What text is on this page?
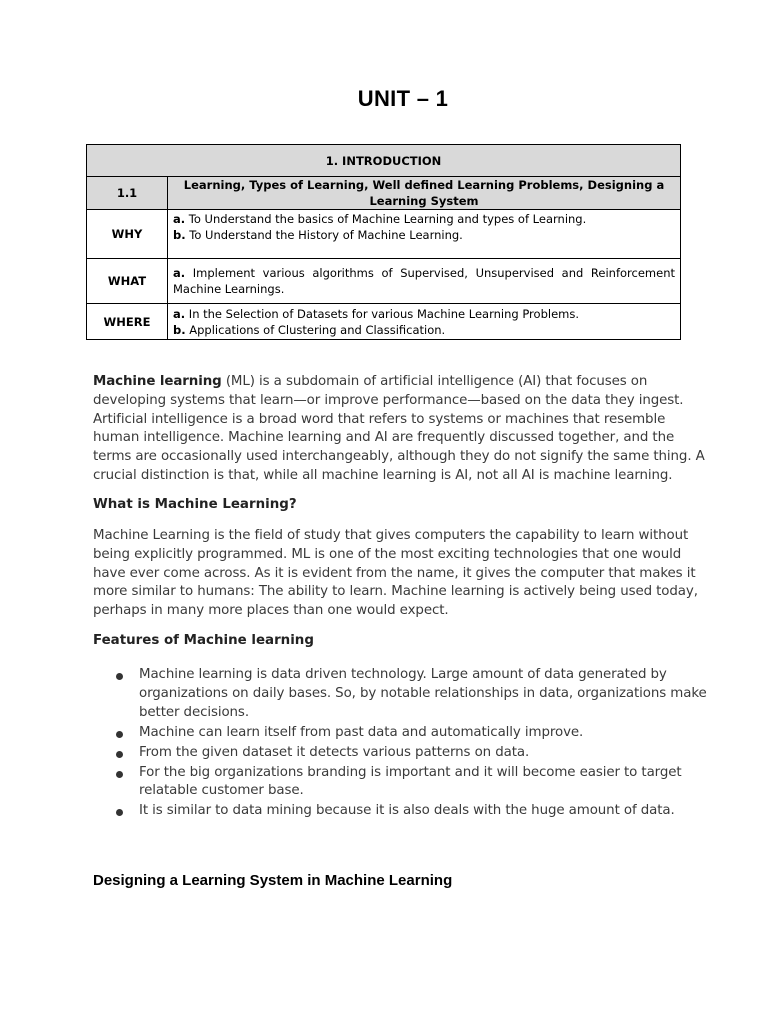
UNIT – 1
1. INTRODUCTION	
1.1	Learning, Types of Learning, Well defined Learning Problems, Designing a Learning System
WHY	a. To Understand the basics of Machine Learning and types of Learning.
b. To Understand the History of Machine Learning.

WHAT	a. Implement various algorithms of Supervised, Unsupervised and Reinforcement Machine Learnings.
WHERE	a. In the Selection of Datasets for various Machine Learning Problems.
b. Applications of Clustering and Classification.
Machine learning (ML) is a subdomain of artificial intelligence (AI) that focuses on developing systems that learn—or improve performance—based on the data they ingest. Artificial intelligence is a broad word that refers to systems or machines that resemble human intelligence. Machine learning and AI are frequently discussed together, and the terms are occasionally used interchangeably, although they do not signify the same thing. A crucial distinction is that, while all machine learning is AI, not all AI is machine learning.
What is Machine Learning?
Machine Learning is the field of study that gives computers the capability to learn without being explicitly programmed. ML is one of the most exciting technologies that one would have ever come across. As it is evident from the name, it gives the computer that makes it more similar to humans: The ability to learn. Machine learning is actively being used today, perhaps in many more places than one would expect.
Features of Machine learning
Machine learning is data driven technology. Large amount of data generated by organizations on daily bases. So, by notable relationships in data, organizations make better decisions.
Machine can learn itself from past data and automatically improve.
From the given dataset it detects various patterns on data.
For the big organizations branding is important and it will become easier to target relatable customer base.
It is similar to data mining because it is also deals with the huge amount of data.
Designing a Learning System in Machine Learning
